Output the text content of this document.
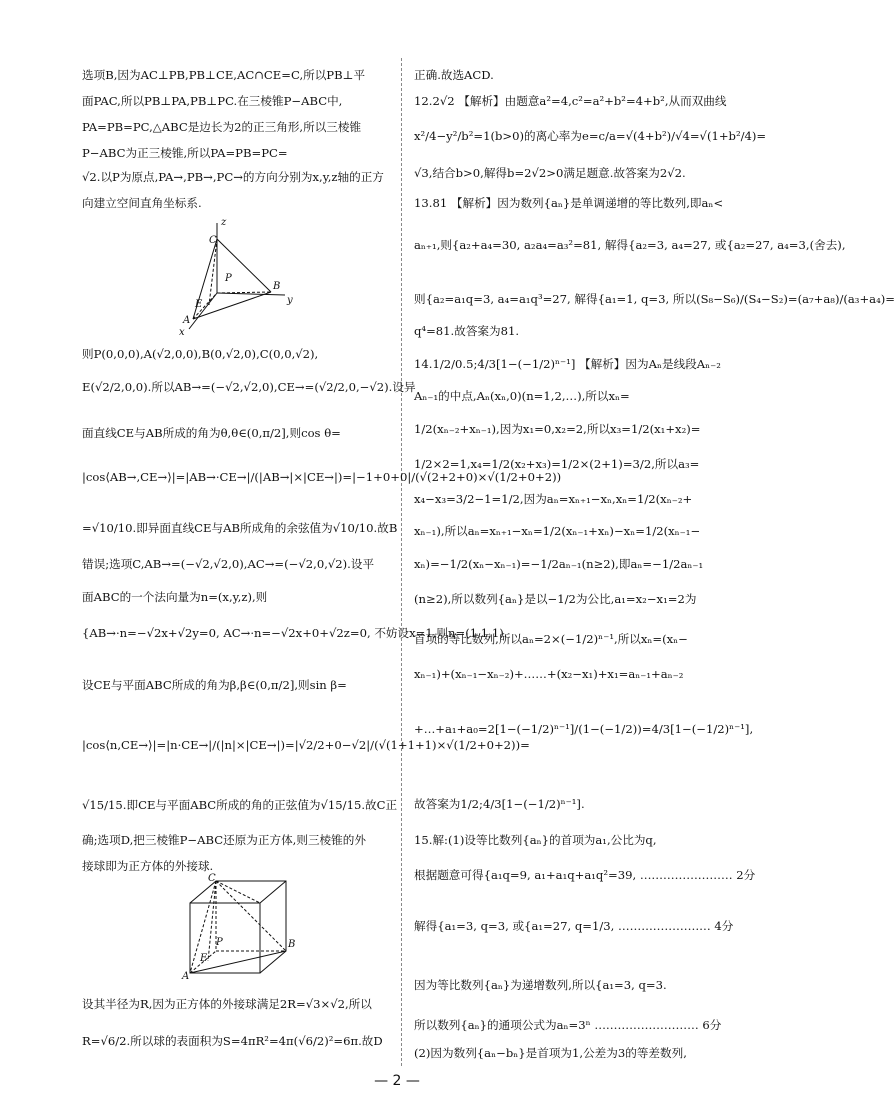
选项B,因为AC⊥PB,PB⊥CE,AC∩CE=C,所以PB⊥平
面PAC,所以PB⊥PA,PB⊥PC.在三棱锥P−ABC中,
PA=PB=PC,△ABC是边长为2的正三角形,所以三棱锥
P−ABC为正三棱锥,所以PA=PB=PC=
√2.以P为原点,PA→,PB→,PC→的方向分别为x,y,z轴的正方
向建立空间直角坐标系.
则P(0,0,0),A(√2,0,0),B(0,√2,0),C(0,0,√2),
E(√2/2,0,0).所以AB→=(−√2,√2,0),CE→=(√2/2,0,−√2).设异
面直线CE与AB所成的角为θ,θ∈(0,π/2],则cos θ=
|cos⟨AB→,CE→⟩|=|AB→·CE→|/(|AB→|×|CE→|)=|−1+0+0|/(√(2+2+0)×√(1/2+0+2))
=√10/10.即异面直线CE与AB所成角的余弦值为√10/10.故B
错误;选项C,AB→=(−√2,√2,0),AC→=(−√2,0,√2).设平
面ABC的一个法向量为n=(x,y,z),则
{AB→·n=−√2x+√2y=0, AC→·n=−√2x+0+√2z=0, 不妨设x=1,则n=(1,1,1).
设CE与平面ABC所成的角为β,β∈(0,π/2],则sin β=
|cos⟨n,CE→⟩|=|n·CE→|/(|n|×|CE→|)=|√2/2+0−√2|/(√(1+1+1)×√(1/2+0+2))=
√15/15.即CE与平面ABC所成的角的正弦值为√15/15.故C正
确;选项D,把三棱锥P−ABC还原为正方体,则三棱锥的外
接球即为正方体的外接球.
设其半径为R,因为正方体的外接球满足2R=√3×√2,所以
R=√6/2.所以球的表面积为S=4πR²=4π(√6/2)²=6π.故D
正确.故选ACD.
12.2√2 【解析】由题意a²=4,c²=a²+b²=4+b²,从而双曲线
x²/4−y²/b²=1(b>0)的离心率为e=c/a=√(4+b²)/√4=√(1+b²/4)=
√3,结合b>0,解得b=2√2>0满足题意.故答案为2√2.
13.81 【解析】因为数列{aₙ}是单调递增的等比数列,即aₙ<
aₙ₊₁,则{a₂+a₄=30, a₂a₄=a₃²=81, 解得{a₂=3, a₄=27, 或{a₂=27, a₄=3,(舍去),
则{a₂=a₁q=3, a₄=a₁q³=27, 解得{a₁=1, q=3, 所以(S₈−S₆)/(S₄−S₂)=(a₇+a₈)/(a₃+a₄)=
q⁴=81.故答案为81.
14.1/2/0.5;4/3[1−(−1/2)ⁿ⁻¹] 【解析】因为Aₙ是线段Aₙ₋₂
Aₙ₋₁的中点,Aₙ(xₙ,0)(n=1,2,…),所以xₙ=
1/2(xₙ₋₂+xₙ₋₁),因为x₁=0,x₂=2,所以x₃=1/2(x₁+x₂)=
1/2×2=1,x₄=1/2(x₂+x₃)=1/2×(2+1)=3/2,所以a₃=
x₄−x₃=3/2−1=1/2,因为aₙ=xₙ₊₁−xₙ,xₙ=1/2(xₙ₋₂+
xₙ₋₁),所以aₙ=xₙ₊₁−xₙ=1/2(xₙ₋₁+xₙ)−xₙ=1/2(xₙ₋₁−
xₙ)=−1/2(xₙ−xₙ₋₁)=−1/2aₙ₋₁(n≥2),即aₙ=−1/2aₙ₋₁
(n≥2),所以数列{aₙ}是以−1/2为公比,a₁=x₂−x₁=2为
首项的等比数列,所以aₙ=2×(−1/2)ⁿ⁻¹,所以xₙ=(xₙ−
xₙ₋₁)+(xₙ₋₁−xₙ₋₂)+……+(x₂−x₁)+x₁=aₙ₋₁+aₙ₋₂
+…+a₁+a₀=2[1−(−1/2)ⁿ⁻¹]/(1−(−1/2))=4/3[1−(−1/2)ⁿ⁻¹],
故答案为1/2;4/3[1−(−1/2)ⁿ⁻¹].
15.解:(1)设等比数列{aₙ}的首项为a₁,公比为q,
根据题意可得{a₁q=9, a₁+a₁q+a₁q²=39, …………………… 2分
解得{a₁=3, q=3, 或{a₁=27, q=1/3, …………………… 4分
因为等比数列{aₙ}为递增数列,所以{a₁=3, q=3.
所以数列{aₙ}的通项公式为aₙ=3ⁿ ……………………… 6分
(2)因为数列{aₙ−bₙ}是首项为1,公差为3的等差数列,
z
C
P
B
y
E
A
x
C
P	B
E
A
— 2 —
